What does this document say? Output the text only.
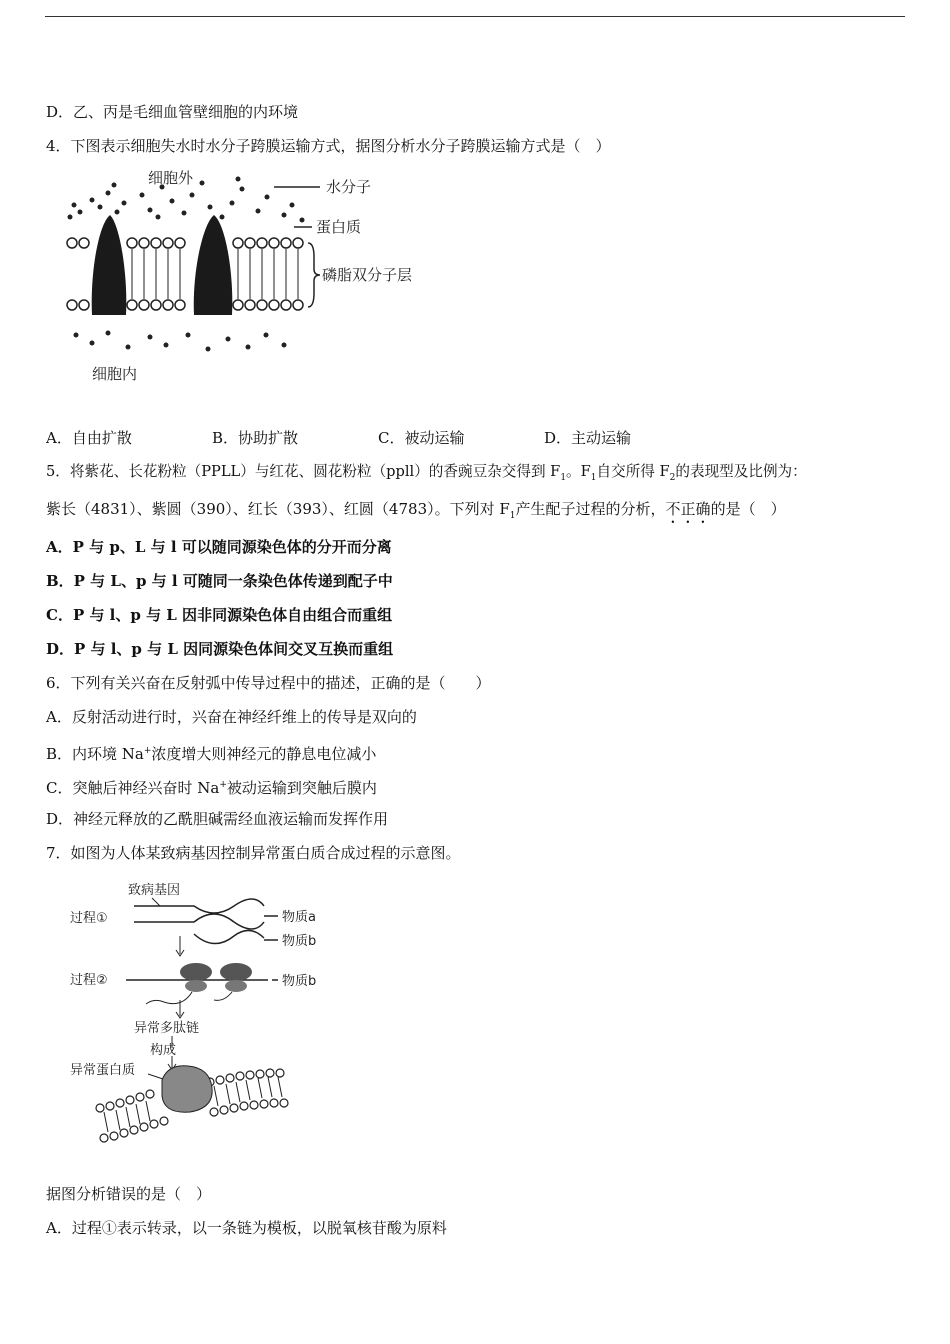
D．乙、丙是毛细血管壁细胞的内环境
4．下图表示细胞失水时水分子跨膜运输方式，据图分析水分子跨膜运输方式是（　）
细胞外
细胞内
水分子
蛋白质
磷脂双分子层
A．自由扩散	B．协助扩散	C．被动运输	D．主动运输
5．将紫花、长花粉粒（PPLL）与红花、圆花粉粒（ppll）的香豌豆杂交得到 $F_1$。$F_1$自交所得 $F_2$的表现型及比例为：
紫长（4831）、紫圆（390）、红长（393）、红圆（4783）。下列对 $F_1$产生配子过程的分析，不正确的是（　）
A．P 与 p、L 与 l 可以随同源染色体的分开而分离
B．P 与 L、p 与 l 可随同一条染色体传递到配子中
C．P 与 l、p 与 L 因非同源染色体自由组合而重组
D．P 与 l、p 与 L 因同源染色体间交叉互换而重组
6．下列有关兴奋在反射弧中传导过程中的描述，正确的是（　　）
A．反射活动进行时，兴奋在神经纤维上的传导是双向的
B．内环境 Na+浓度增大则神经元的静息电位减小
C．突触后神经兴奋时 Na+被动运输到突触后膜内
D．神经元释放的乙酰胆碱需经血液运输而发挥作用
7．如图为人体某致病基因控制异常蛋白质合成过程的示意图。
致病基因
过程①	物质a
物质b
过程②	物质b
异常多肽链
构成
异常蛋白质
据图分析错误的是（　）
A．过程①表示转录，以一条链为模板，以脱氧核苷酸为原料
